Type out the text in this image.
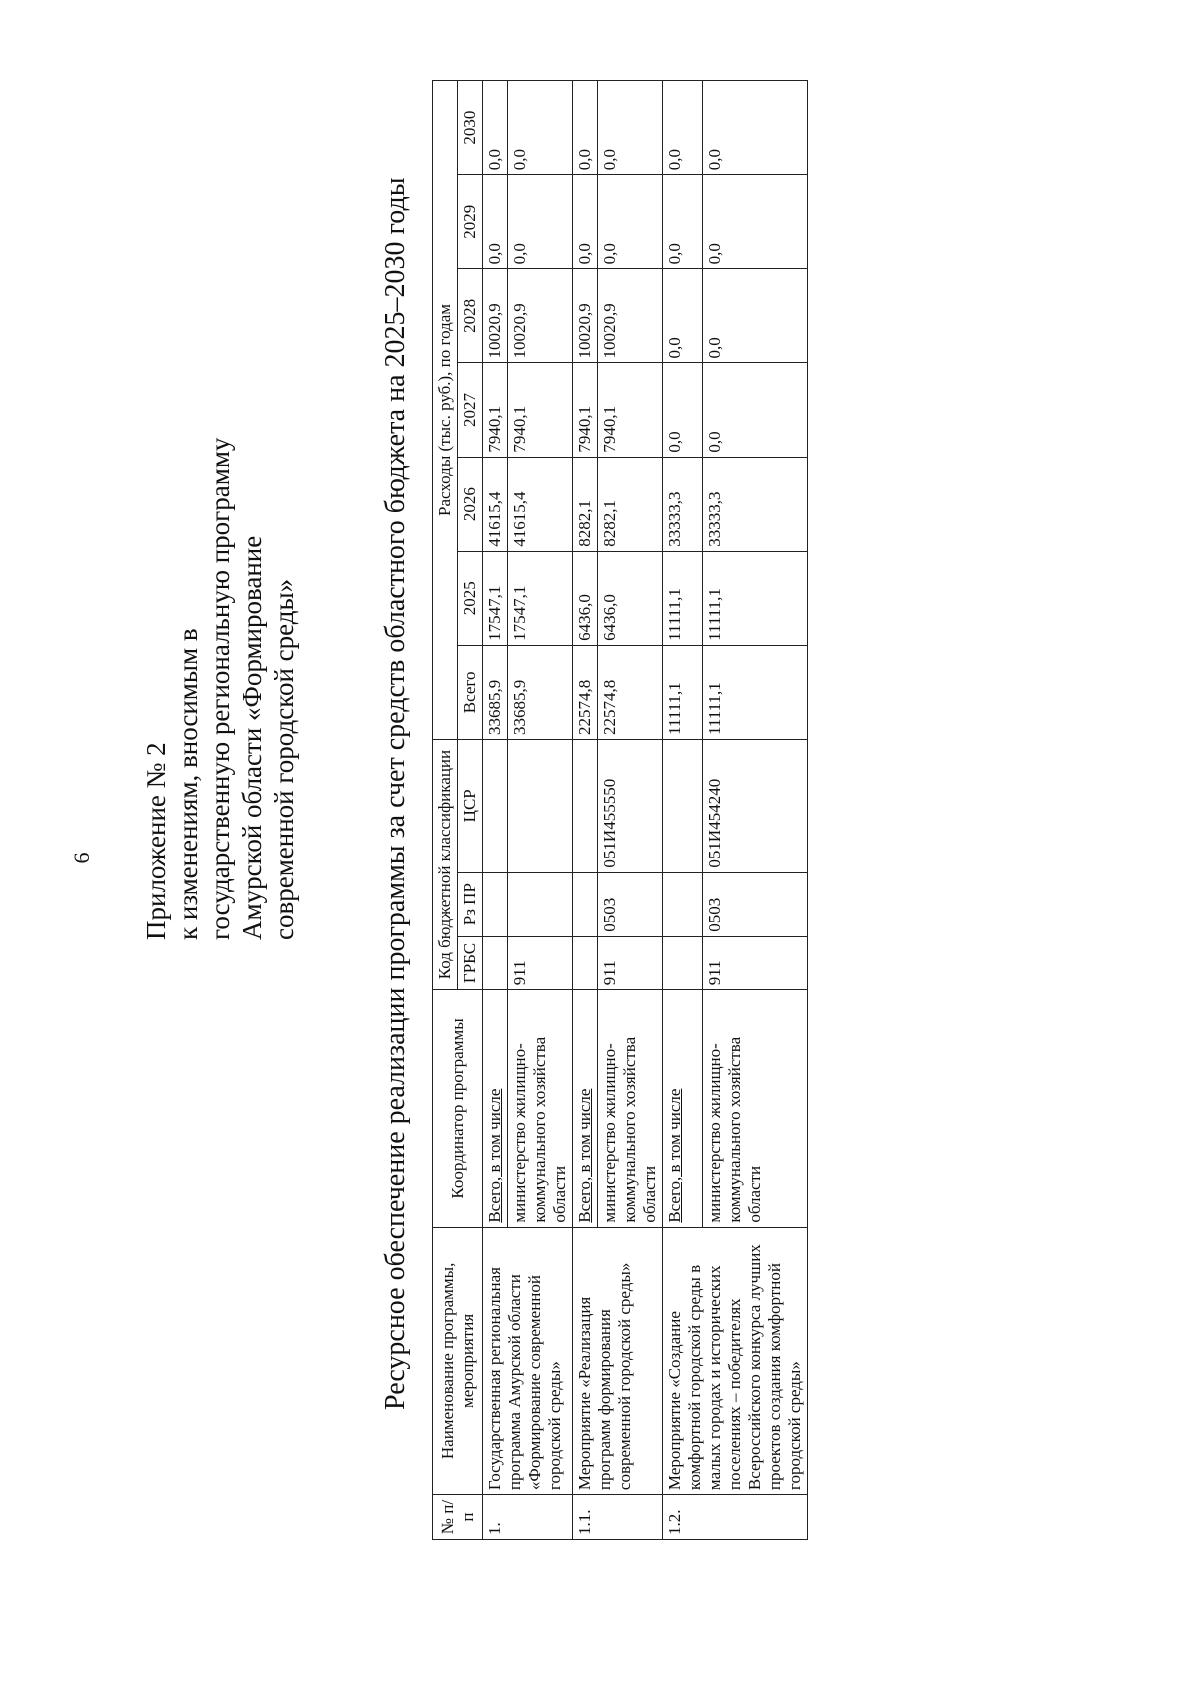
6 Приложение № 2 к изменениям, вносимым в государственную региональную программу Амурской области «Формирование современной городской среды»	Ресурсное обеспечение реализации программы за счет средств областного бюджета на 2025–2030 годы
№ п/п	Наименование программы, мероприятия	Координатор программы	Код бюджетной классификации			Расходы (тыс. руб.), по годам						
			ГРБС	Рз ПР	ЦСР	Всего	2025	2026	2027	2028	2029	2030
1.	Государственная региональная программа Амурской области «Формирование современной городской среды»	Всего, в том числе				33685,9	17547,1	41615,4	7940,1	10020,9	0,0	0,0
		министерство жилищно-коммунального хозяйства области	911			33685,9	17547,1	41615,4	7940,1	10020,9	0,0	0,0
1.1.	Мероприятие «Реализация программ формирования современной городской среды»	Всего, в том числе				22574,8	6436,0	8282,1	7940,1	10020,9	0,0	0,0
		министерство жилищно-коммунального хозяйства области	911	0503	051И455550	22574,8	6436,0	8282,1	7940,1	10020,9	0,0	0,0
1.2.	Мероприятие «Создание комфортной городской среды в малых городах и исторических поселениях – победителях Всероссийского конкурса лучших проектов создания комфортной городской среды»	Всего, в том числе				11111,1	11111,1	33333,3	0,0	0,0	0,0	0,0
		министерство жилищно-коммунального хозяйства области	911	0503	051И454240	11111,1	11111,1	33333,3	0,0	0,0	0,0	0,0
